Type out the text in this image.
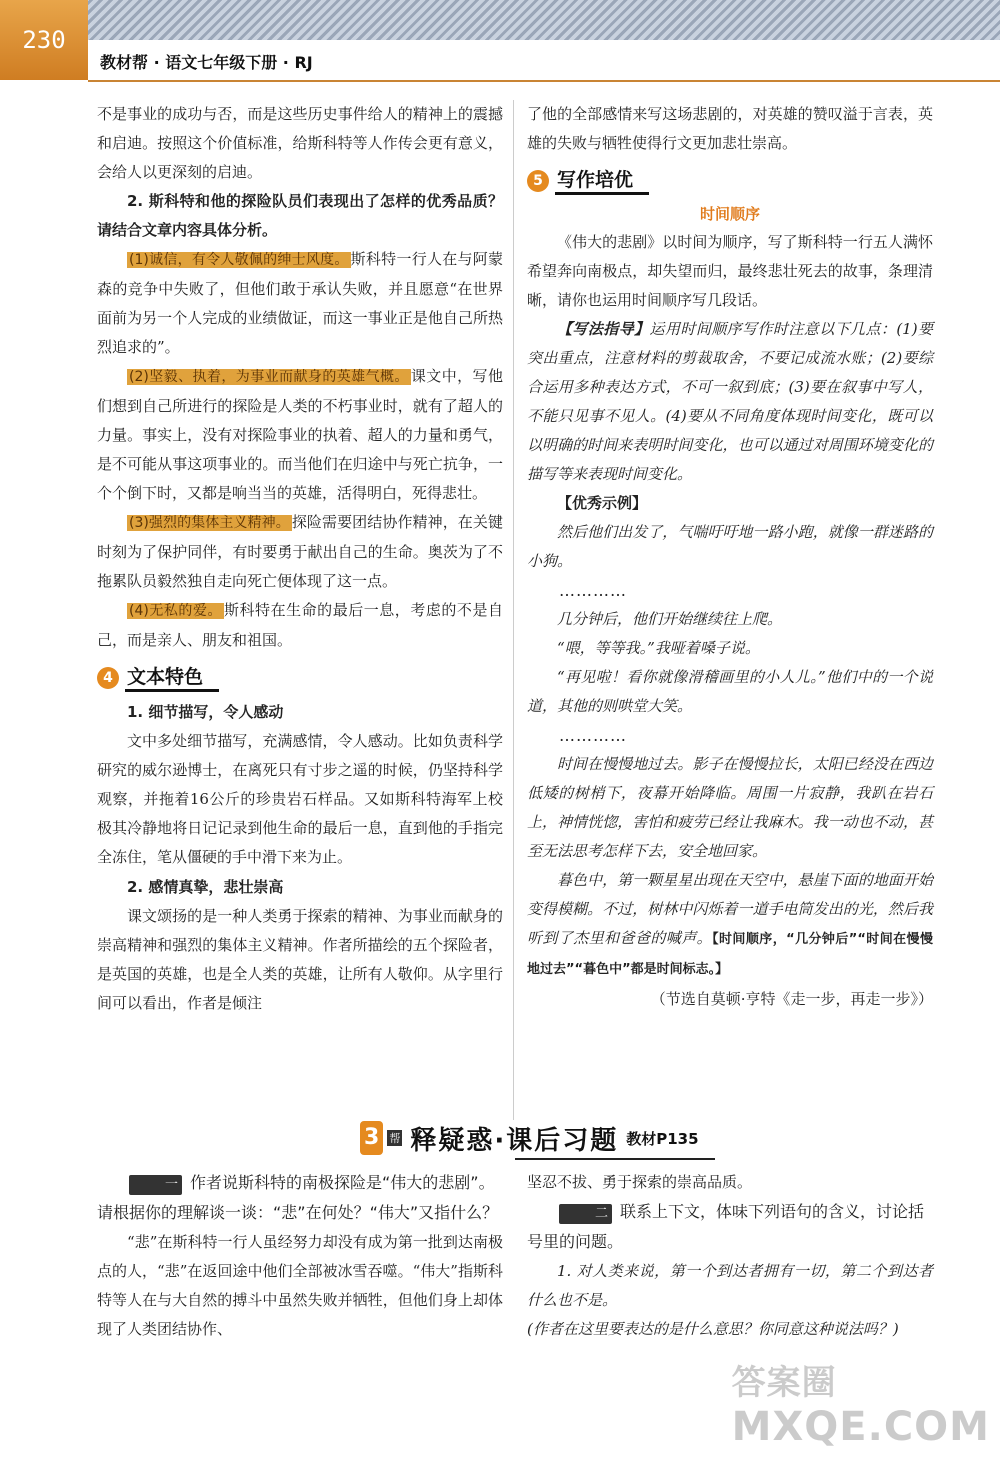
230
教材帮 · 语文七年级下册 · RJ

不是事业的成功与否，而是这些历史事件给人的精神上的震撼和启迪。按照这个价值标准，给斯科特等人作传会更有意义，会给人以更深刻的启迪。

2. 斯科特和他的探险队员们表现出了怎样的优秀品质？请结合文章内容具体分析。

(1)诚信，有令人敬佩的绅士风度。 斯科特一行人在与阿蒙森的竞争中失败了，但他们敢于承认失败，并且愿意“在世界面前为另一个人完成的业绩做证，而这一事业正是他自己所热烈追求的”。

(2)坚毅、执着，为事业而献身的英雄气概。 课文中，写他们想到自己所进行的探险是人类的不朽事业时，就有了超人的力量。事实上，没有对探险事业的执着、超人的力量和勇气，是不可能从事这项事业的。而当他们在归途中与死亡抗争，一个个倒下时，又都是响当当的英雄，活得明白，死得悲壮。

(3)强烈的集体主义精神。 探险需要团结协作精神，在关键时刻为了保护同伴，有时要勇于献出自己的生命。奥茨为了不拖累队员毅然独自走向死亡便体现了这一点。

(4)无私的爱。 斯科特在生命的最后一息，考虑的不是自己，而是亲人、朋友和祖国。

4 文本特色
1. 细节描写，令人感动

文中多处细节描写，充满感情，令人感动。比如负责科学研究的威尔逊博士，在离死只有寸步之遥的时候，仍坚持科学观察，并拖着16公斤的珍贵岩石样品。又如斯科特海军上校极其冷静地将日记记录到他生命的最后一息，直到他的手指完全冻住，笔从僵硬的手中滑下来为止。

2. 感情真挚，悲壮崇高

课文颂扬的是一种人类勇于探索的精神、为事业而献身的崇高精神和强烈的集体主义精神。作者所描绘的五个探险者，是英国的英雄，也是全人类的英雄，让所有人敬仰。从字里行间可以看出，作者是倾注

了他的全部感情来写这场悲剧的，对英雄的赞叹溢于言表，英雄的失败与牺牲使得行文更加悲壮崇高。

5 写作培优
时间顺序

《伟大的悲剧》以时间为顺序，写了斯科特一行五人满怀希望奔向南极点，却失望而归，最终悲壮死去的故事，条理清晰，请你也运用时间顺序写几段话。

【写法指导】运用时间顺序写作时注意以下几点：(1)要突出重点，注意材料的剪裁取舍，不要记成流水账；(2)要综合运用多种表达方式，不可一叙到底；(3)要在叙事中写人，不能只见事不见人。(4)要从不同角度体现时间变化，既可以以明确的时间来表明时间变化，也可以通过对周围环境变化的描写等来表现时间变化。

【优秀示例】

然后他们出发了，气喘吁吁地一路小跑，就像一群迷路的小狗。

…………

几分钟后，他们开始继续往上爬。

“喂，等等我。”我哑着嗓子说。

“再见啦！看你就像滑稽画里的小人儿。”他们中的一个说道，其他的则哄堂大笑。

…………

时间在慢慢地过去。影子在慢慢拉长，太阳已经没在西边低矮的树梢下，夜幕开始降临。周围一片寂静，我趴在岩石上，神情恍惚，害怕和疲劳已经让我麻木。我一动也不动，甚至无法思考怎样下去，安全地回家。

暮色中，第一颗星星出现在天空中，悬崖下面的地面开始变得模糊。不过，树林中闪烁着一道手电筒发出的光，然后我听到了杰里和爸爸的喊声。【时间顺序，“几分钟后”“时间在慢慢地过去”“暮色中”都是时间标志。】

（节选自莫顿·亨特《走一步，再走一步》）
3 帮 释疑惑·课后习题 教材P135

一 作者说斯科特的南极探险是“伟大的悲剧”。请根据你的理解谈一谈：“悲”在何处？“伟大”又指什么？

“悲”在斯科特一行人虽经努力却没有成为第一批到达南极点的人，“悲”在返回途中他们全部被冰雪吞噬。“伟大”指斯科特等人在与大自然的搏斗中虽然失败并牺牲，但他们身上却体现了人类团结协作、

坚忍不拔、勇于探索的崇高品质。

二 联系上下文，体味下列语句的含义，讨论括号里的问题。

1. 对人类来说，第一个到达者拥有一切，第二个到达者什么也不是。

(作者在这里要表达的是什么意思？你同意这种说法吗？)

答案圈
MXQE.COM
